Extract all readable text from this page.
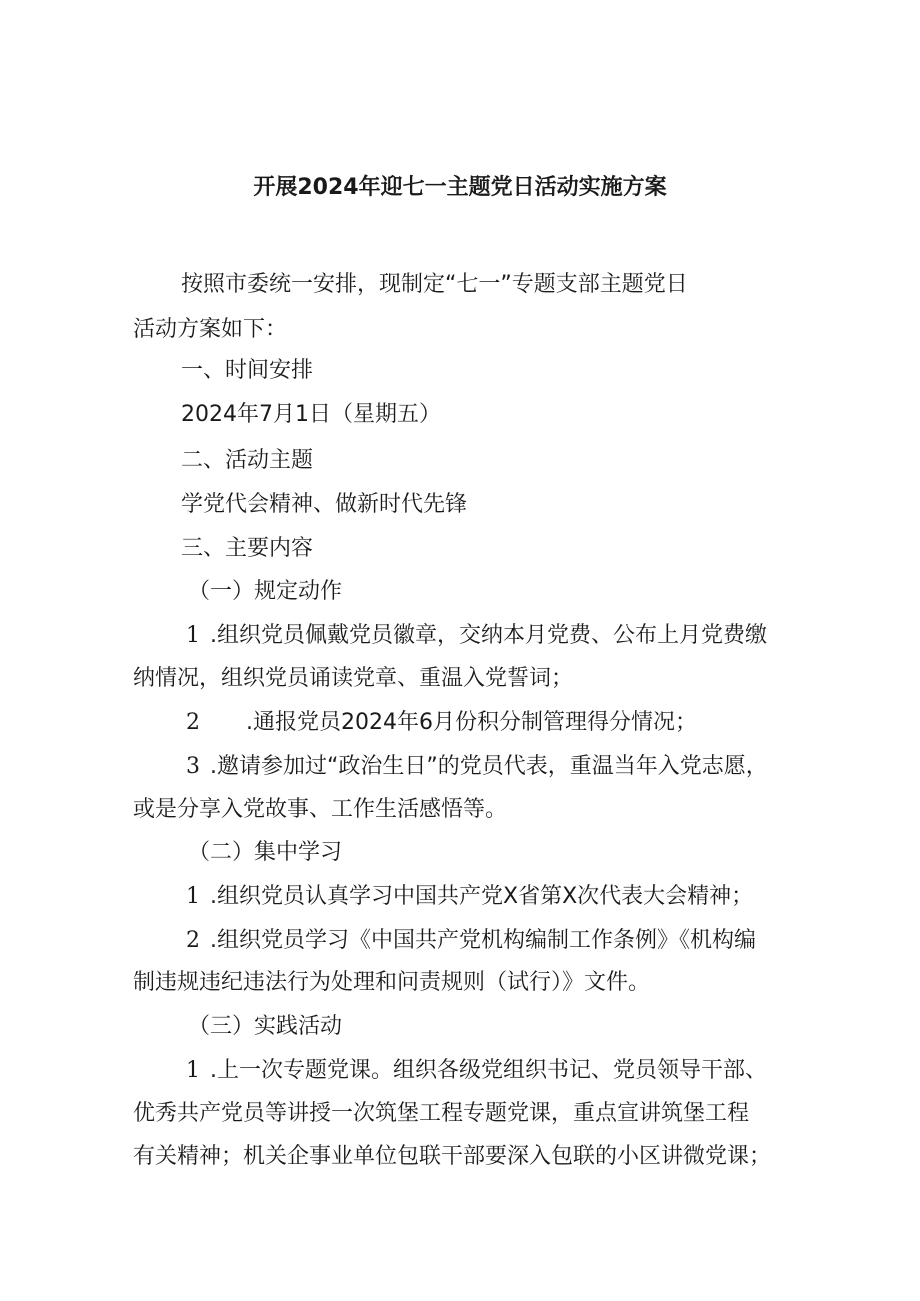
开展2024年迎七一主题党日活动实施方案

按照市委统一安排，现制定“七一”专题支部主题党日

活动方案如下：

一、时间安排

2024年7月1日（星期五）

二、活动主题

学党代会精神、做新时代先锋

三、主要内容

（一）规定动作

1 .组织党员佩戴党员徽章，交纳本月党费、公布上月党费缴

纳情况，组织党员诵读党章、重温入党誓词；

2 .通报党员2024年6月份积分制管理得分情况；

3 .邀请参加过“政治生日”的党员代表，重温当年入党志愿，

或是分享入党故事、工作生活感悟等。

（二）集中学习

1 .组织党员认真学习中国共产党X省第X次代表大会精神；

2 .组织党员学习《中国共产党机构编制工作条例》《机构编

制违规违纪违法行为处理和问责规则（试行）》文件。

（三）实践活动

1 .上一次专题党课。组织各级党组织书记、党员领导干部、

优秀共产党员等讲授一次筑堡工程专题党课，重点宣讲筑堡工程

有关精神；机关企事业单位包联干部要深入包联的小区讲微党课；
